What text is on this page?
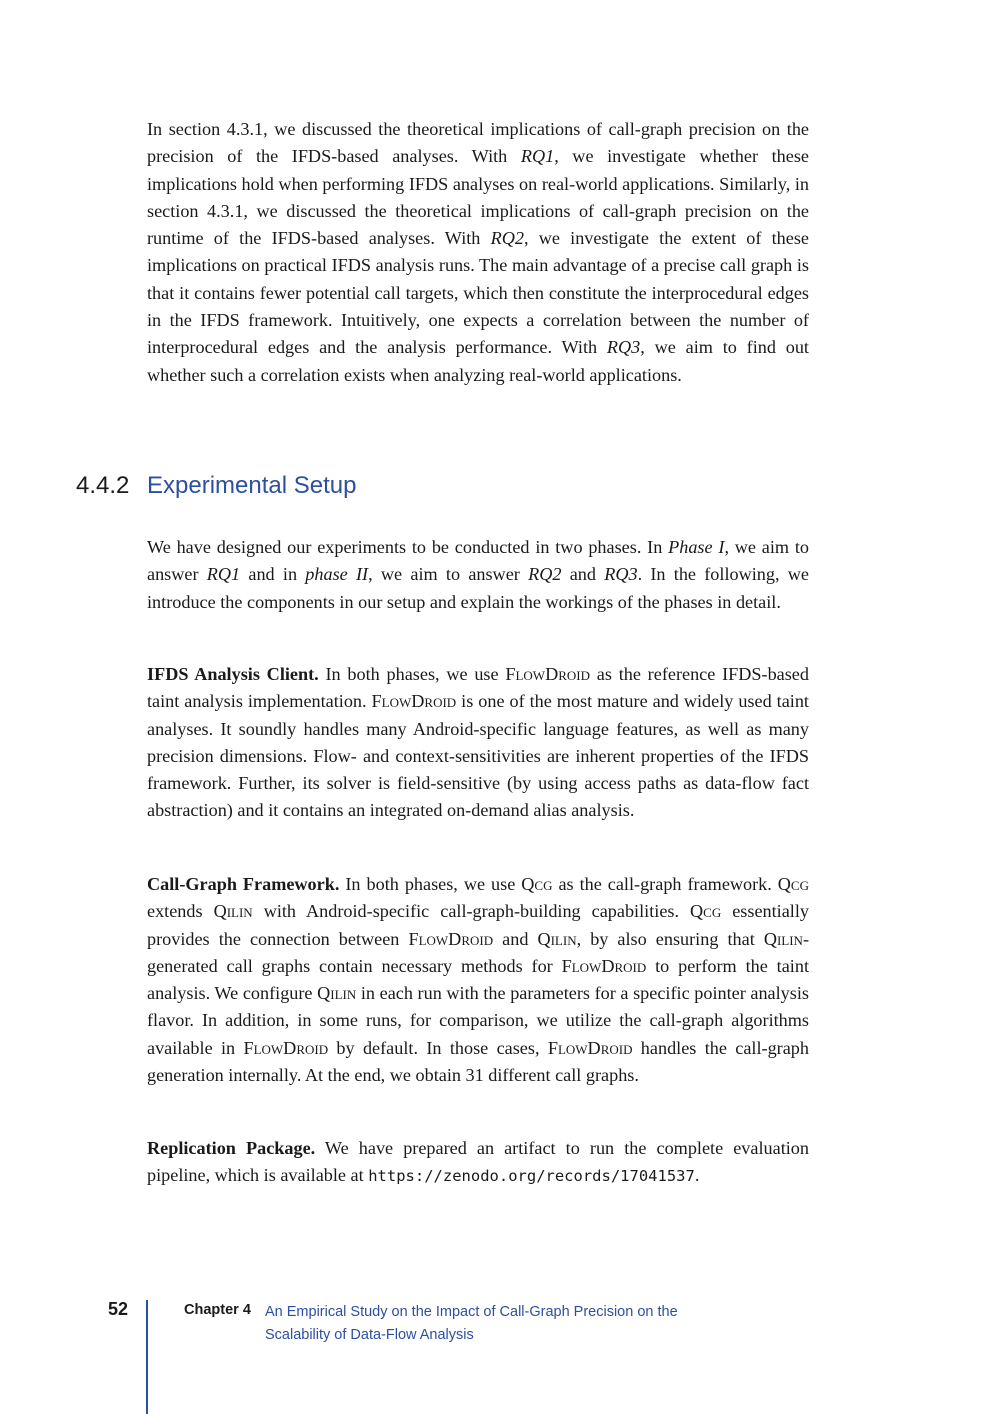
In section 4.3.1, we discussed the theoretical implications of call-graph precision on the precision of the IFDS-based analyses. With RQ1, we investigate whether these implications hold when performing IFDS analyses on real-world applications. Similarly, in section 4.3.1, we discussed the theoretical implications of call-graph precision on the runtime of the IFDS-based analyses. With RQ2, we investigate the extent of these implications on practical IFDS analysis runs. The main advantage of a precise call graph is that it contains fewer potential call targets, which then constitute the interprocedural edges in the IFDS framework. Intuitively, one expects a correlation between the number of interprocedural edges and the analysis performance. With RQ3, we aim to find out whether such a correlation exists when analyzing real-world applications.

4.4.2 Experimental Setup

We have designed our experiments to be conducted in two phases. In Phase I, we aim to answer RQ1 and in phase II, we aim to answer RQ2 and RQ3. In the following, we introduce the components in our setup and explain the workings of the phases in detail.

IFDS Analysis Client. In both phases, we use FlowDroid as the reference IFDS-based taint analysis implementation. FlowDroid is one of the most mature and widely used taint analyses. It soundly handles many Android-specific language features, as well as many precision dimensions. Flow- and context-sensitivities are inherent properties of the IFDS framework. Further, its solver is field-sensitive (by using access paths as data-flow fact abstraction) and it contains an integrated on-demand alias analysis.

Call-Graph Framework. In both phases, we use Qcg as the call-graph framework. Qcg extends Qilin with Android-specific call-graph-building capabilities. Qcg essentially provides the connection between FlowDroid and Qilin, by also ensuring that Qilin-generated call graphs contain necessary methods for FlowDroid to perform the taint analysis. We configure Qilin in each run with the parameters for a specific pointer analysis flavor. In addition, in some runs, for comparison, we utilize the call-graph algorithms available in FlowDroid by default. In those cases, FlowDroid handles the call-graph generation internally. At the end, we obtain 31 different call graphs.

Replication Package. We have prepared an artifact to run the complete evaluation pipeline, which is available at https://zenodo.org/records/17041537.

52	Chapter 4 An Empirical Study on the Impact of Call-Graph Precision on the Scalability of Data-Flow Analysis
